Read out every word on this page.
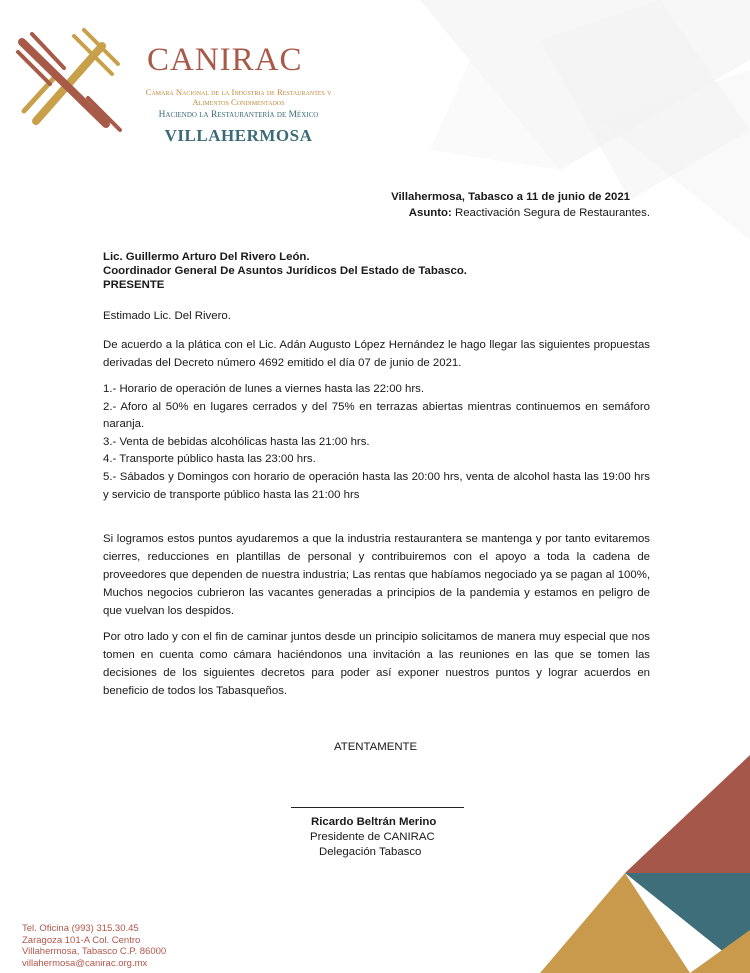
CANIRAC
Cámara Nacional de la Industria de Restaurantes y Alimentos Condimentados
Haciendo la Restaurantería de México
VILLAHERMOSA
Villahermosa, Tabasco a 11 de junio de 2021
Asunto: Reactivación Segura de Restaurantes.
Lic. Guillermo Arturo Del Rivero León.
Coordinador General De Asuntos Jurídicos Del Estado de Tabasco.
PRESENTE
Estimado Lic. Del Rivero.

De acuerdo a la plática con el Lic. Adán Augusto López Hernández le hago llegar las siguientes propuestas derivadas del Decreto número 4692 emitido el día 07 de junio de 2021.

1.- Horario de operación de lunes a viernes hasta las 22:00 hrs.
2.- Aforo al 50% en lugares cerrados y del 75% en terrazas abiertas mientras continuemos en semáforo naranja.
3.- Venta de bebidas alcohólicas hasta las 21:00 hrs.
4.- Transporte público hasta las 23:00 hrs.
5.- Sábados y Domingos con horario de operación hasta las 20:00 hrs, venta de alcohol hasta las 19:00 hrs y servicio de transporte público hasta las 21:00 hrs

Si logramos estos puntos ayudaremos a que la industria restaurantera se mantenga y por tanto evitaremos cierres, reducciones en plantillas de personal y contribuiremos con el apoyo a toda la cadena de proveedores que dependen de nuestra industria; Las rentas que habíamos negociado ya se pagan al 100%, Muchos negocios cubrieron las vacantes generadas a principios de la pandemia y estamos en peligro de que vuelvan los despidos.

Por otro lado y con el fin de caminar juntos desde un principio solicitamos de manera muy especial que nos tomen en cuenta como cámara haciéndonos una invitación a las reuniones en las que se tomen las decisiones de los siguientes decretos para poder así exponer nuestros puntos y lograr acuerdos en beneficio de todos los Tabasqueños.

ATENTAMENTE
Ricardo Beltrán Merino
Presidente de CANIRAC
Delegación Tabasco
Tel. Oficina (993) 315.30.45
Zaragoza 101-A Col. Centro
Villahermosa, Tabasco C.P. 86000
villahermosa@canirac.org.mx
